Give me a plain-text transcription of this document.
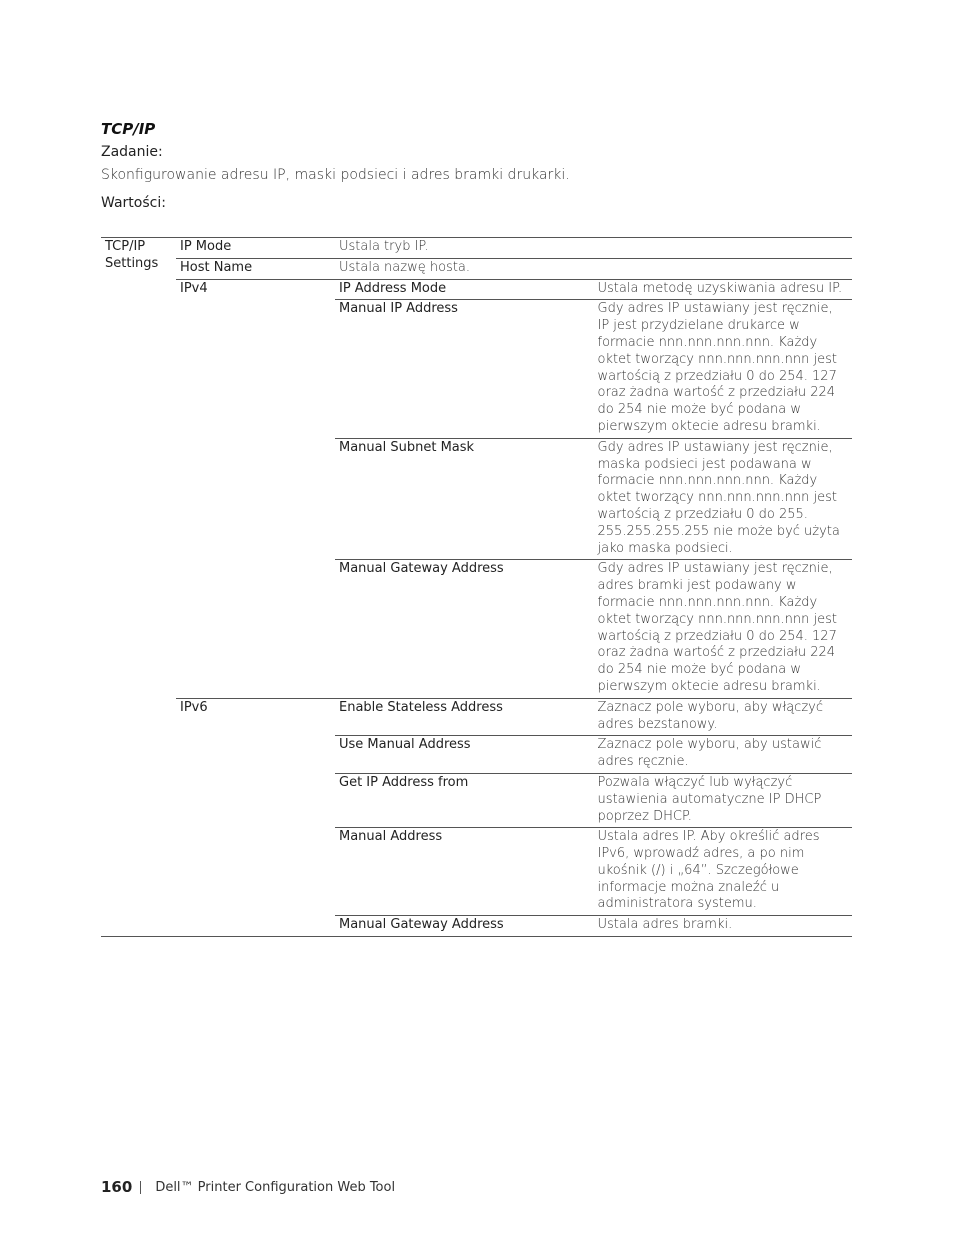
TCP/IP
Zadanie:
Skonfigurowanie adresu IP, maski podsieci i adres bramki drukarki.
Wartości:
TCP/IP Settings	IP Mode	Ustala tryb IP.	
	Host Name	Ustala nazwę hosta.	
	IPv4	IP Address Mode	Ustala metodę uzyskiwania adresu IP.
		Manual IP Address	Gdy adres IP ustawiany jest ręcznie, IP jest przydzielane drukarce w formacie nnn.nnn.nnn.nnn. Każdy oktet tworzący nnn.nnn.nnn.nnn jest wartością z przedziału 0 do 254. 127 oraz żadna wartość z przedziału 224 do 254 nie może być podana w pierwszym oktecie adresu bramki.
		Manual Subnet Mask	Gdy adres IP ustawiany jest ręcznie, maska podsieci jest podawana w formacie nnn.nnn.nnn.nnn. Każdy oktet tworzący nnn.nnn.nnn.nnn jest wartością z przedziału 0 do 255. 255.255.255.255 nie może być użyta jako maska podsieci.
		Manual Gateway Address	Gdy adres IP ustawiany jest ręcznie, adres bramki jest podawany w formacie nnn.nnn.nnn.nnn. Każdy oktet tworzący nnn.nnn.nnn.nnn jest wartością z przedziału 0 do 254. 127 oraz żadna wartość z przedziału 224 do 254 nie może być podana w pierwszym oktecie adresu bramki.
	IPv6	Enable Stateless Address	Zaznacz pole wyboru, aby włączyć adres bezstanowy.
		Use Manual Address	Zaznacz pole wyboru, aby ustawić adres ręcznie.
		Get IP Address from	Pozwala włączyć lub wyłączyć ustawienia automatyczne IP DHCP poprzez DHCP.
		Manual Address	Ustala adres IP. Aby określić adres IPv6, wprowadź adres, a po nim ukośnik (/) i „64”. Szczegółowe informacje można znaleźć u administratora systemu.
		Manual Gateway Address	Ustala adres bramki.
160 Dell™ Printer Configuration Web Tool
